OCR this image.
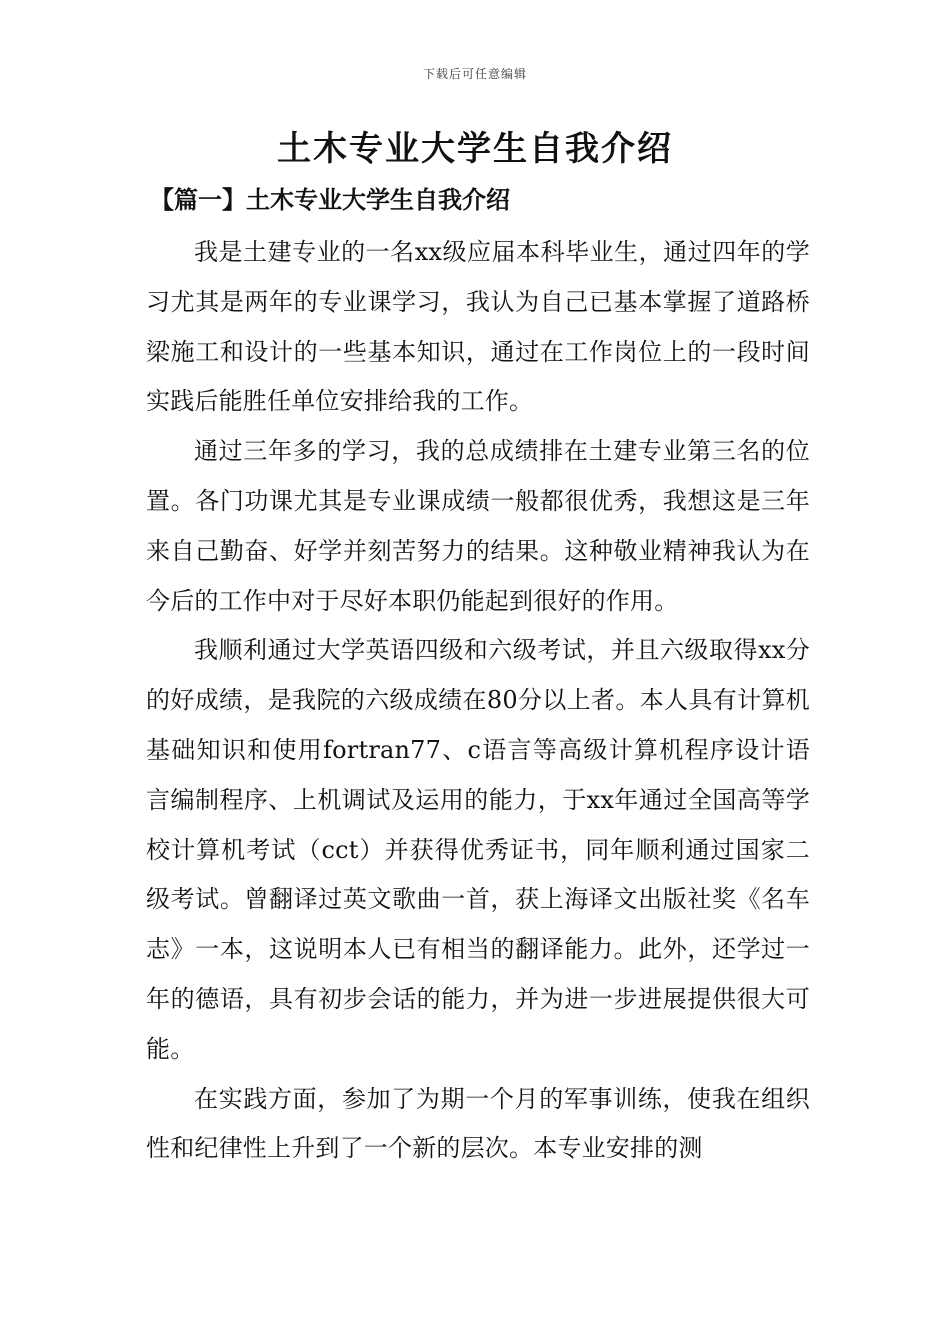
下载后可任意编辑
土木专业大学生自我介绍
【篇一】土木专业大学生自我介绍

我是土建专业的一名xx级应届本科毕业生，通过四年的学习尤其是两年的专业课学习，我认为自己已基本掌握了道路桥梁施工和设计的一些基本知识，通过在工作岗位上的一段时间实践后能胜任单位安排给我的工作。

通过三年多的学习，我的总成绩排在土建专业第三名的位置。各门功课尤其是专业课成绩一般都很优秀，我想这是三年来自己勤奋、好学并刻苦努力的结果。这种敬业精神我认为在今后的工作中对于尽好本职仍能起到很好的作用。

我顺利通过大学英语四级和六级考试，并且六级取得xx分的好成绩，是我院的六级成绩在80分以上者。本人具有计算机基础知识和使用fortran77、c语言等高级计算机程序设计语言编制程序、上机调试及运用的能力，于xx年通过全国高等学校计算机考试（cct）并获得优秀证书，同年顺利通过国家二级考试。曾翻译过英文歌曲一首，获上海译文出版社奖《名车志》一本，这说明本人已有相当的翻译能力。此外，还学过一年的德语，具有初步会话的能力，并为进一步进展提供很大可能。

在实践方面，参加了为期一个月的军事训练，使我在组织性和纪律性上升到了一个新的层次。本专业安排的测
